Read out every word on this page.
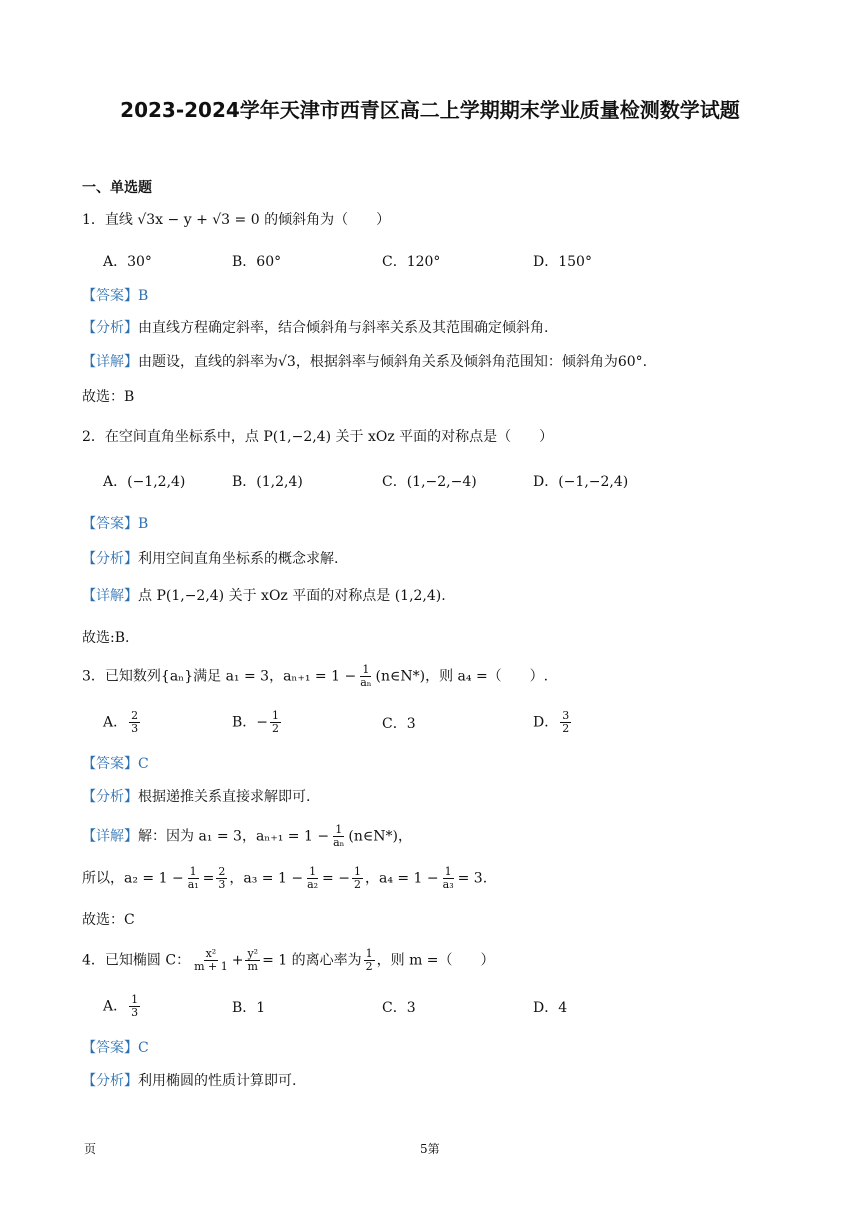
2023-2024学年天津市西青区高二上学期期末学业质量检测数学试题
一、单选题
1．直线 √3x − y + √3 = 0 的倾斜角为（　　）
A．30°	B．60°	C．120°	D．150°
【答案】B
【分析】由直线方程确定斜率，结合倾斜角与斜率关系及其范围确定倾斜角.
【详解】由题设，直线的斜率为√3，根据斜率与倾斜角关系及倾斜角范围知：倾斜角为60°.
故选：B
2．在空间直角坐标系中，点 P(1,−2,4) 关于 xOz 平面的对称点是（　　）
A．(−1,2,4)	B．(1,2,4)	C．(1,−2,−4)	D．(−1,−2,4)
【答案】B
【分析】利用空间直角坐标系的概念求解.
【详解】点 P(1,−2,4) 关于 xOz 平面的对称点是 (1,2,4).
故选:B.
3．已知数列{aₙ}满足 a₁ = 3，$a_{n+1} = 1 - \frac{1}{\text{aₙ}}$ (n∈N*)，则 a₄ =（　　）.
A． $\frac{2}{3}$	B．− $\frac{1}{2}$	C．3	D． $\frac{3}{2}$
【答案】C
【分析】根据递推关系直接求解即可.
【详解】解：因为 a₁ = 3，$a_{n+1} = 1 - \frac{1}{\text{aₙ}}$ (n∈N*)，
所以，$a_2 = 1 - \frac{1}{\text{a₁}} = \frac{2}{3}$ ，$a_3 = 1 - \frac{1}{\text{a₂}}$ = − $\frac{1}{2}$ ，$a_4 = 1 - \frac{1}{\text{a₃}} = 3$.
故选：C
4．已知椭圆 C： $\frac{\text{x²}}{m + 1} + \frac{\text{y²}}{m} = 1$ 的离心率为 $\frac{1}{2}$ ，则 m =（　　）
A． $\frac{1}{3}$	B．1	C．3	D．4
【答案】C
【分析】利用椭圆的性质计算即可.
页	5第
